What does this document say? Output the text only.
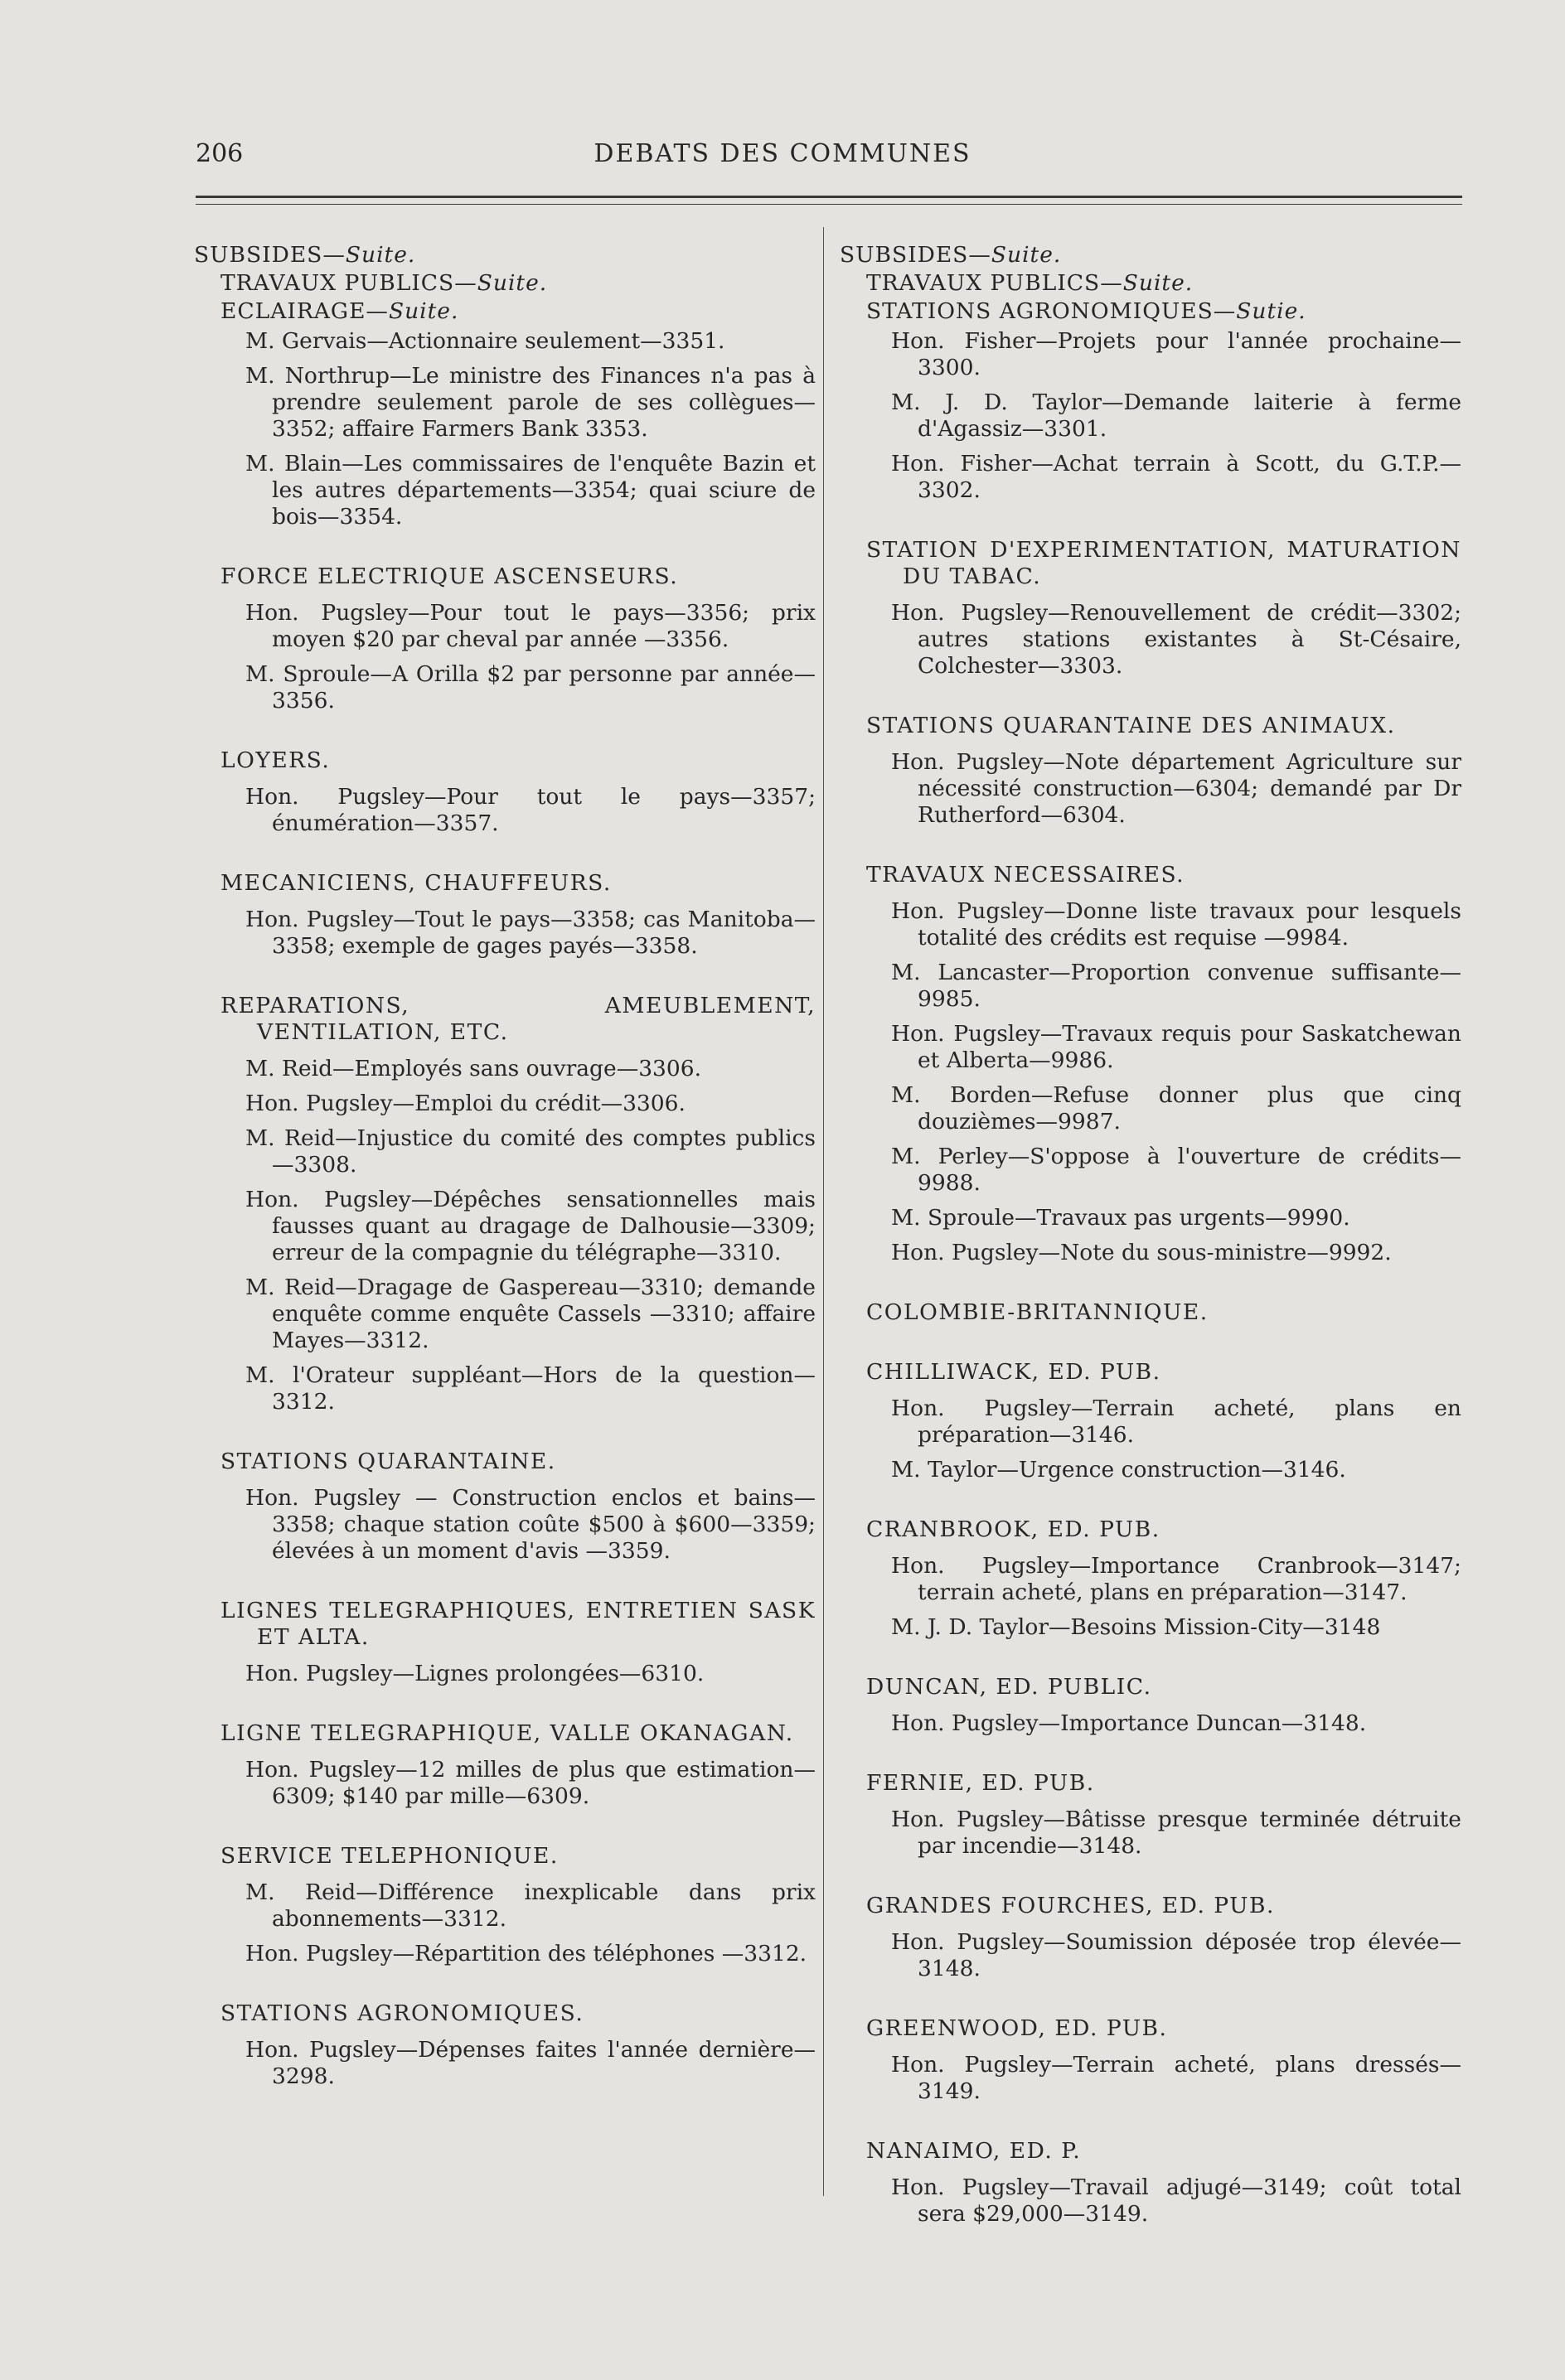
206	DEBATS DES COMMUNES

SUBSIDES—Suite.

TRAVAUX PUBLICS—Suite.

ECLAIRAGE—Suite.

M. Gervais—Actionnaire seulement—3351.

M. Northrup—Le ministre des Finances n'a pas à prendre seulement parole de ses collègues—3352; affaire Farmers Bank 3353.

M. Blain—Les commissaires de l'enquête Bazin et les autres départements—3354; quai sciure de bois—3354.

FORCE ELECTRIQUE ASCENSEURS.

Hon. Pugsley—Pour tout le pays—3356; prix moyen $20 par cheval par année —3356.

M. Sproule—A Orilla $2 par personne par année—3356.

LOYERS.

Hon. Pugsley—Pour tout le pays—3357; énumération—3357.

MECANICIENS, CHAUFFEURS.

Hon. Pugsley—Tout le pays—3358; cas Manitoba—3358; exemple de gages payés—3358.

REPARATIONS, AMEUBLEMENT, VENTILATION, ETC.

M. Reid—Employés sans ouvrage—3306.

Hon. Pugsley—Emploi du crédit—3306.

M. Reid—Injustice du comité des comptes publics—3308.

Hon. Pugsley—Dépêches sensationnelles mais fausses quant au dragage de Dalhousie—3309; erreur de la compagnie du télégraphe—3310.

M. Reid—Dragage de Gaspereau—3310; demande enquête comme enquête Cassels —3310; affaire Mayes—3312.

M. l'Orateur suppléant—Hors de la question—3312.

STATIONS QUARANTAINE.

Hon. Pugsley — Construction enclos et bains—3358; chaque station coûte $500 à $600—3359; élevées à un moment d'avis —3359.

LIGNES TELEGRAPHIQUES, ENTRETIEN SASK ET ALTA.

Hon. Pugsley—Lignes prolongées—6310.

LIGNE TELEGRAPHIQUE, VALLE OKANAGAN.

Hon. Pugsley—12 milles de plus que estimation—6309; $140 par mille—6309.

SERVICE TELEPHONIQUE.

M. Reid—Différence inexplicable dans prix abonnements—3312.

Hon. Pugsley—Répartition des téléphones —3312.

STATIONS AGRONOMIQUES.

Hon. Pugsley—Dépenses faites l'année dernière—3298.

SUBSIDES—Suite.

TRAVAUX PUBLICS—Suite.

STATIONS AGRONOMIQUES—Sutie.

Hon. Fisher—Projets pour l'année prochaine—3300.

M. J. D. Taylor—Demande laiterie à ferme d'Agassiz—3301.

Hon. Fisher—Achat terrain à Scott, du G.T.P.—3302.

STATION D'EXPERIMENTATION, MATURATION DU TABAC.

Hon. Pugsley—Renouvellement de crédit—3302; autres stations existantes à St-Césaire, Colchester—3303.

STATIONS QUARANTAINE DES ANIMAUX.

Hon. Pugsley—Note département Agriculture sur nécessité construction—6304; demandé par Dr Rutherford—6304.

TRAVAUX NECESSAIRES.

Hon. Pugsley—Donne liste travaux pour lesquels totalité des crédits est requise —9984.

M. Lancaster—Proportion convenue suffisante—9985.

Hon. Pugsley—Travaux requis pour Saskatchewan et Alberta—9986.

M. Borden—Refuse donner plus que cinq douzièmes—9987.

M. Perley—S'oppose à l'ouverture de crédits—9988.

M. Sproule—Travaux pas urgents—9990.

Hon. Pugsley—Note du sous-ministre—9992.

COLOMBIE-BRITANNIQUE.

CHILLIWACK, ED. PUB.

Hon. Pugsley—Terrain acheté, plans en préparation—3146.

M. Taylor—Urgence construction—3146.

CRANBROOK, ED. PUB.

Hon. Pugsley—Importance Cranbrook—3147; terrain acheté, plans en préparation—3147.

M. J. D. Taylor—Besoins Mission-City—3148

DUNCAN, ED. PUBLIC.

Hon. Pugsley—Importance Duncan—3148.

FERNIE, ED. PUB.

Hon. Pugsley—Bâtisse presque terminée détruite par incendie—3148.

GRANDES FOURCHES, ED. PUB.

Hon. Pugsley—Soumission déposée trop élevée—3148.

GREENWOOD, ED. PUB.

Hon. Pugsley—Terrain acheté, plans dressés—3149.

NANAIMO, ED. P.

Hon. Pugsley—Travail adjugé—3149; coût total sera $29,000—3149.
